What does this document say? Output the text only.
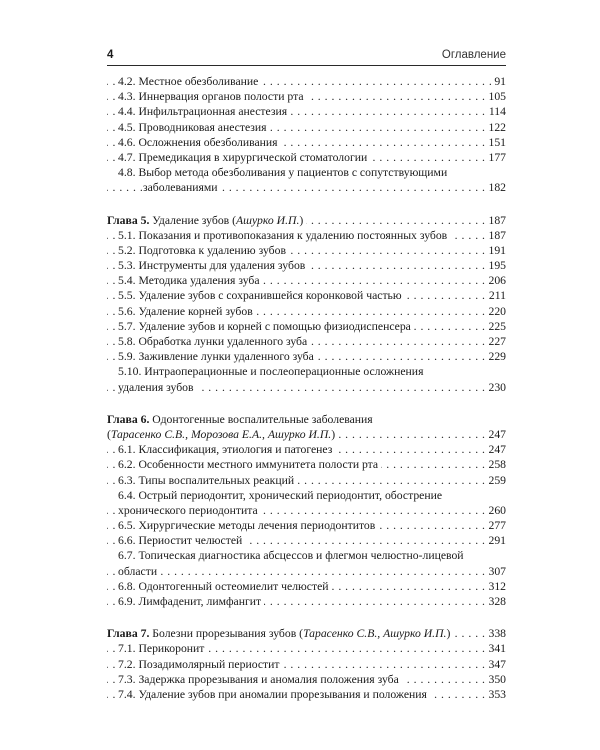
4	Оглавление
. . . 4.2. Местное обезболивание	91
. . . 4.3. Иннервация органов полости рта	105
. . . 4.4. Инфильтрационная анестезия	114
. . . 4.5. Проводниковая анестезия	122
. . . 4.6. Осложнения обезболивания	151
. . . 4.7. Премедикация в хирургической стоматологии	177
4.8. Выбор метода обезболивания у пациентов с сопутствующими
. . . заболеваниями	182
. . . Глава 5. Удаление зубов (Ашурко И.П.)	187
. . . 5.1. Показания и противопоказания к удалению постоянных зубов	187
. . . 5.2. Подготовка к удалению зубов	191
. . . 5.3. Инструменты для удаления зубов	195
. . . 5.4. Методика удаления зуба	206
. . . 5.5. Удаление зубов с сохранившейся коронковой частью	211
. . . 5.6. Удаление корней зубов	220
. . . 5.7. Удаление зубов и корней с помощью физиодиспенсера	225
. . . 5.8. Обработка лунки удаленного зуба	227
. . . 5.9. Заживление лунки удаленного зуба	229
5.10. Интраоперационные и послеоперационные осложнения
. . . удаления зубов	230
Глава 6. Одонтогенные воспалительные заболевания
. . . (Тарасенко С.В., Морозова Е.А., Ашурко И.П.)	247
. . . 6.1. Классификация, этиология и патогенез	247
. . . 6.2. Особенности местного иммунитета полости рта	258
. . . 6.3. Типы воспалительных реакций	259
6.4. Острый периодонтит, хронический периодонтит, обострение
. . . хронического периодонтита	260
. . . 6.5. Хирургические методы лечения периодонтитов	277
. . . 6.6. Периостит челюстей	291
6.7. Топическая диагностика абсцессов и флегмон челюстно-лицевой
. . . области	307
. . . 6.8. Одонтогенный остеомиелит челюстей	312
. . . 6.9. Лимфаденит, лимфангит	328
. . . Глава 7. Болезни прорезывания зубов (Тарасенко С.В., Ашурко И.П.)	338
. . . 7.1. Перикоронит	341
. . . 7.2. Позадимолярный периостит	347
. . . 7.3. Задержка прорезывания и аномалия положения зуба	350
. . . 7.4. Удаление зубов при аномалии прорезывания и положения	353
